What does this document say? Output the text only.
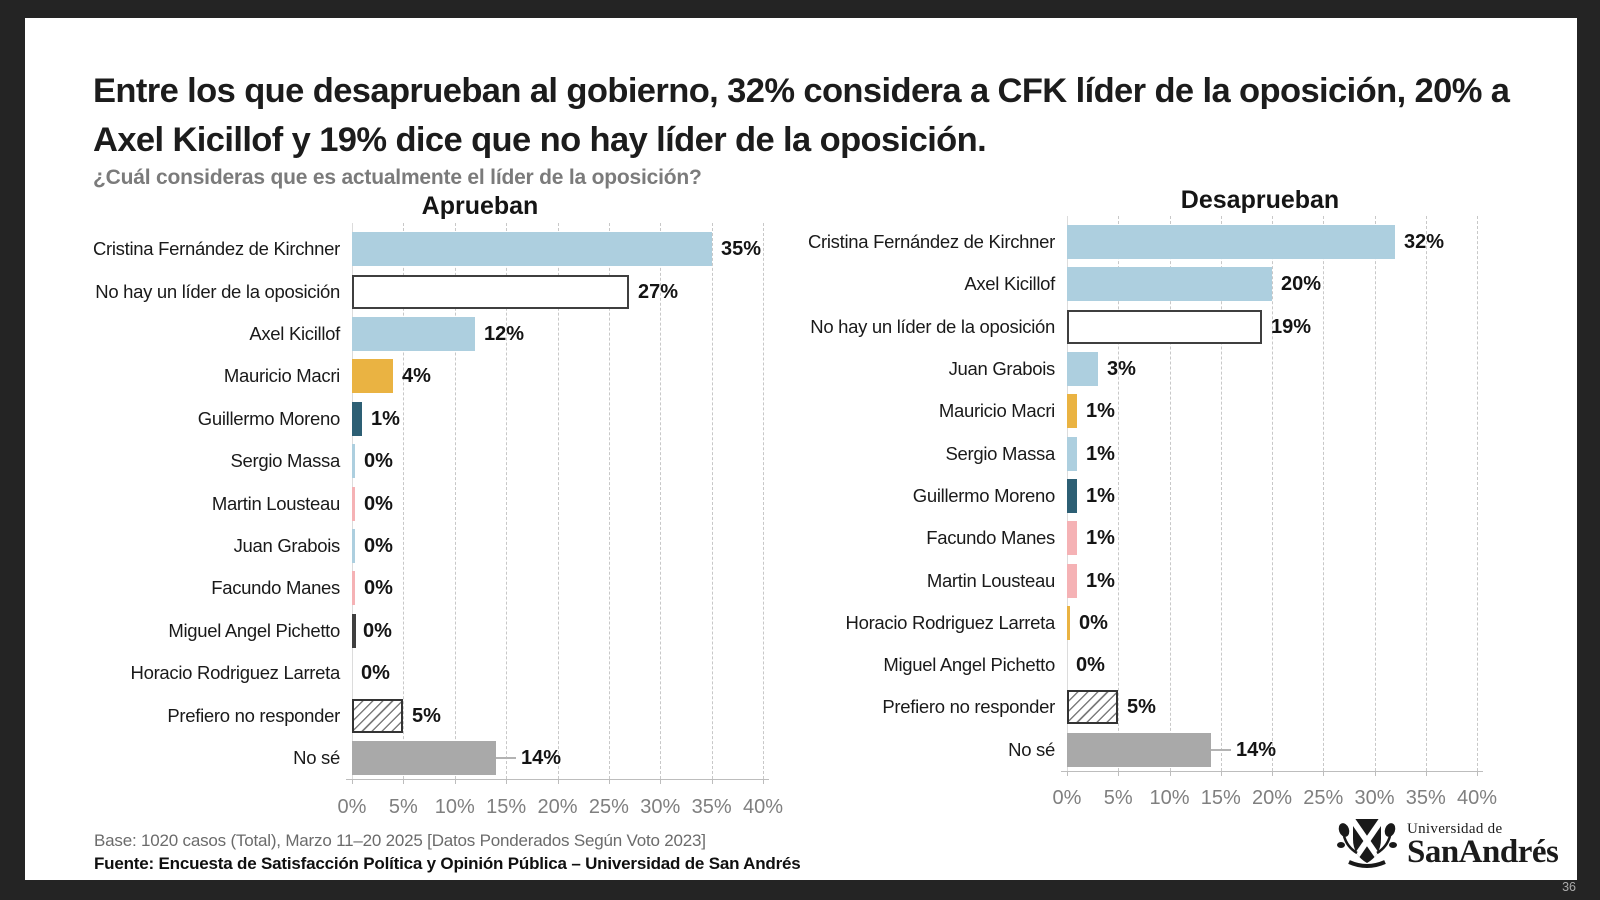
Entre los que desaprueban al gobierno, 32% considera a CFK líder de la oposición, 20% a Axel Kicillof y 19% dice que no hay líder de la oposición.
¿Cuál consideras que es actualmente el líder de la oposición?
Aprueban
Cristina Fernández de Kirchner	35%
No hay un líder de la oposición	27%
Axel Kicillof	12%
Mauricio Macri	4%
Guillermo Moreno 1%
Sergio Massa 0%
Martin Lousteau 0%
Juan Grabois 0%
Facundo Manes 0%
Miguel Angel Pichetto 0%
Horacio Rodriguez Larreta 0%
Prefiero no responder	5%
No sé	14%
0%	5% 10% 15% 20% 25% 30% 35% 40%
Desaprueban
Cristina Fernández de Kirchner	32%
Axel Kicillof	20%
No hay un líder de la oposición	19%
Juan Grabois	3%
Mauricio Macri 1%
Sergio Massa 1%
Guillermo Moreno 1%
Facundo Manes 1%
Martin Lousteau 1%
Horacio Rodriguez Larreta 0%
Miguel Angel Pichetto 0%
Prefiero no responder	5%
No sé	14%
0%	5% 10% 15% 20% 25% 30% 35% 40%
Base: 1020 casos (Total), Marzo 11–20 2025 [Datos Ponderados Según Voto 2023]
Fuente: Encuesta de Satisfacción Política y Opinión Pública – Universidad de San Andrés
Universidad de
SanAndrés
36
